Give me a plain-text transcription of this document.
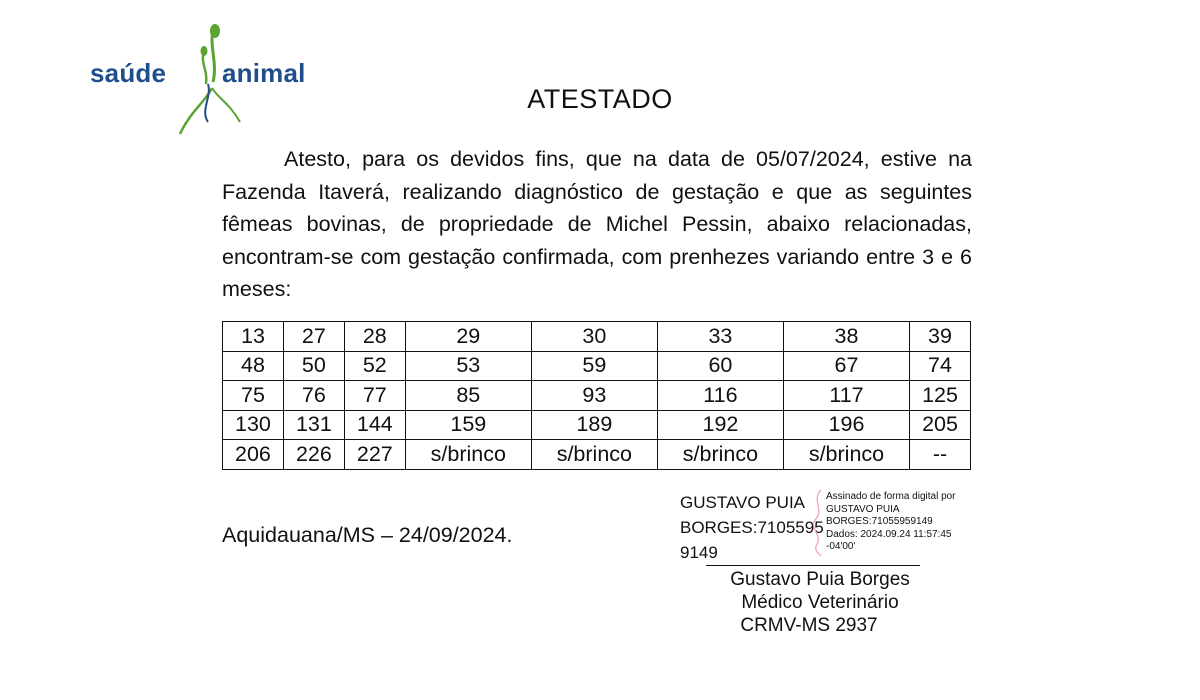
saúde animal
ATESTADO
Atesto, para os devidos fins, que na data de 05/07/2024, estive na Fazenda Itaverá, realizando diagnóstico de gestação e que as seguintes fêmeas bovinas, de propriedade de Michel Pessin, abaixo relacionadas, encontram-se com gestação confirmada, com prenhezes variando entre 3 e 6 meses:
13	27	28	29	30	33	38	39
48	50	52	53	59	60	67	74
75	76	77	85	93	116	117	125
130	131	144	159	189	192	196	205
206	226	227	s/brinco	s/brinco	s/brinco	s/brinco	--
Aquidauana/MS – 24/09/2024.
GUSTAVO PUIA
BORGES:7105595
9149
Assinado de forma digital por
GUSTAVO PUIA
BORGES:71055959149
Dados: 2024.09.24 11:57:45
-04'00'
Gustavo Puia Borges
Médico Veterinário
CRMV-MS 2937
